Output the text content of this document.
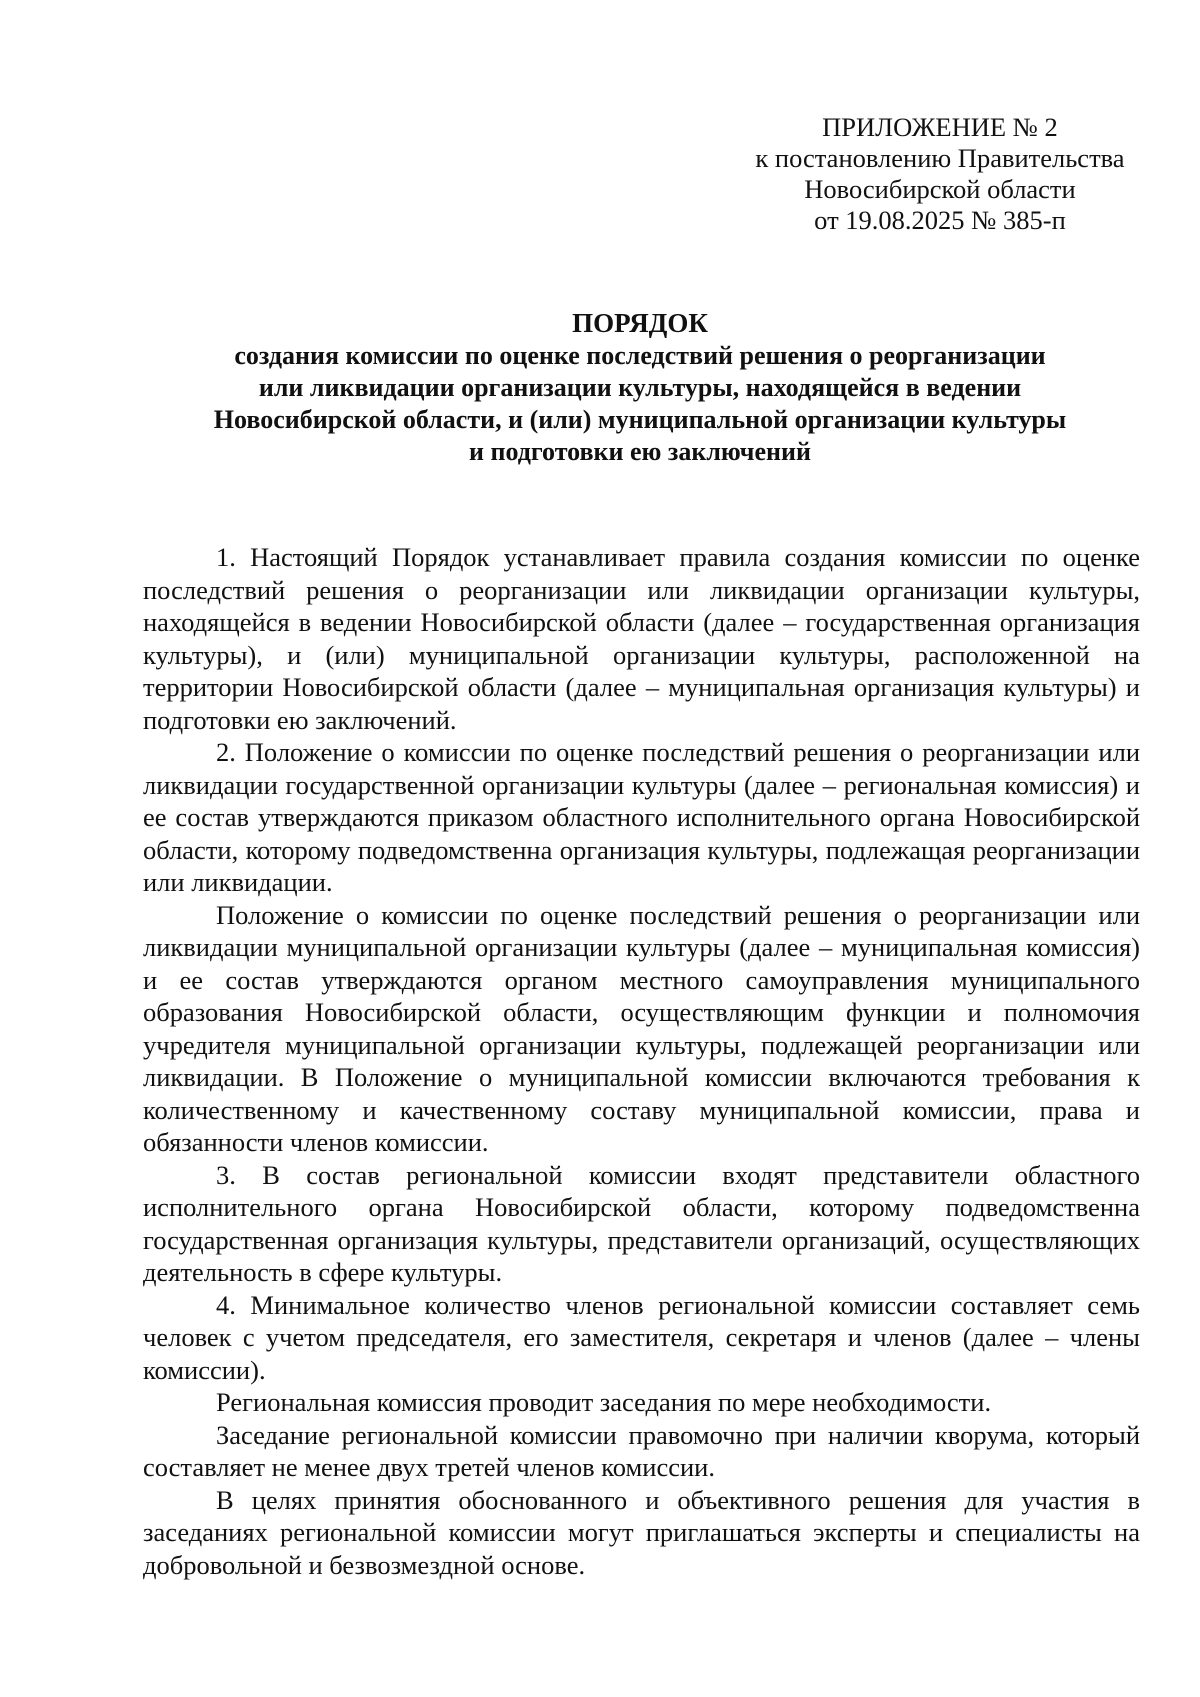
ПРИЛОЖЕНИЕ № 2
к постановлению Правительства
Новосибирской области
от 19.08.2025 № 385-п
ПОРЯДОК
создания комиссии по оценке последствий решения о реорганизации
или ликвидации организации культуры, находящейся в ведении
Новосибирской области, и (или) муниципальной организации культуры
и подготовки ею заключений

1. Настоящий Порядок устанавливает правила создания комиссии по оценке последствий решения о реорганизации или ликвидации организации культуры, находящейся в ведении Новосибирской области (далее – государственная организация культуры), и (или) муниципальной организации культуры, расположенной на территории Новосибирской области (далее – муниципальная организация культуры) и подготовки ею заключений.

2. Положение о комиссии по оценке последствий решения о реорганизации или ликвидации государственной организации культуры (далее – региональная комиссия) и ее состав утверждаются приказом областного исполнительного органа Новосибирской области, которому подведомственна организация культуры, подлежащая реорганизации или ликвидации.

Положение о комиссии по оценке последствий решения о реорганизации или ликвидации муниципальной организации культуры (далее – муниципальная комиссия) и ее состав утверждаются органом местного самоуправления муниципального образования Новосибирской области, осуществляющим функции и полномочия учредителя муниципальной организации культуры, подлежащей реорганизации или ликвидации. В Положение о муниципальной комиссии включаются требования к количественному и качественному составу муниципальной комиссии, права и обязанности членов комиссии.

3. В состав региональной комиссии входят представители областного исполнительного органа Новосибирской области, которому подведомственна государственная организация культуры, представители организаций, осуществляющих деятельность в сфере культуры.

4. Минимальное количество членов региональной комиссии составляет семь человек с учетом председателя, его заместителя, секретаря и членов (далее – члены комиссии).

Региональная комиссия проводит заседания по мере необходимости.

Заседание региональной комиссии правомочно при наличии кворума, который составляет не менее двух третей членов комиссии.

В целях принятия обоснованного и объективного решения для участия в заседаниях региональной комиссии могут приглашаться эксперты и специалисты на добровольной и безвозмездной основе.
